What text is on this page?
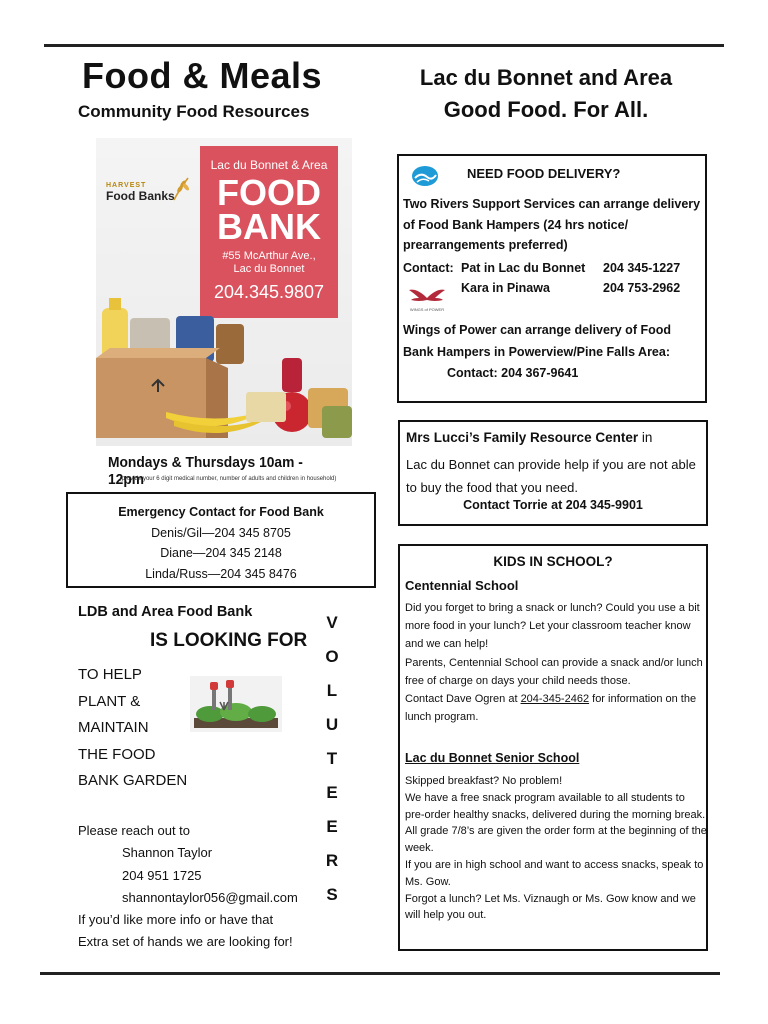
Food & Meals
Community Food Resources
Lac du Bonnet and Area
Good Food. For All.
HARVEST
Food Banks
Lac du Bonnet & Area
FOOD
BANK
#55 McArthur Ave.,
Lac du Bonnet
204.345.9807
Mondays & Thursdays 10am - 12pm
(provide your 6 digit medical number, number of adults and children in household)
Emergency Contact for Food Bank
Denis/Gil—204 345 8705
Diane—204 345 2148
Linda/Russ—204 345 8476
LDB and Area Food Bank
IS LOOKING FOR
TO HELP
PLANT &
MAINTAIN
THE FOOD
BANK GARDEN
Please reach out to
Shannon Taylor
204 951 1725
shannontaylor056@gmail.com
If you’d like more info or have that
Extra set of hands we are looking for!
V
O
L
U
T
E
E
R
S
NEED FOOD DELIVERY?
Two Rivers Support Services can arrange delivery of Food Bank Hampers (24 hrs notice/ prearrangements preferred)
Contact: Pat in Lac du Bonnet 204 345-1227
Kara in Pinawa	204 753-2962
WINGS of POWER
Wings of Power can arrange delivery of Food Bank Hampers in Powerview/Pine Falls Area:
Contact: 204 367-9641
Mrs Lucci’s Family Resource Center in
Lac du Bonnet can provide help if you are not able to buy the food that you need.
Contact Torrie at 204 345-9901
KIDS IN SCHOOL?
Centennial School
Did you forget to bring a snack or lunch? Could you use a bit more food in your lunch? Let your classroom teacher know and we can help!
Parents, Centennial School can provide a snack and/or lunch free of charge on days your child needs those.
Contact Dave Ogren at 204-345-2462 for information on the lunch program.
Lac du Bonnet Senior School
Skipped breakfast? No problem!
We have a free snack program available to all students to pre-order healthy snacks, delivered during the morning break.
All grade 7/8’s are given the order form at the beginning of the week.
If you are in high school and want to access snacks, speak to Ms. Gow.
Forgot a lunch? Let Ms. Viznaugh or Ms. Gow know and we will help you out.
